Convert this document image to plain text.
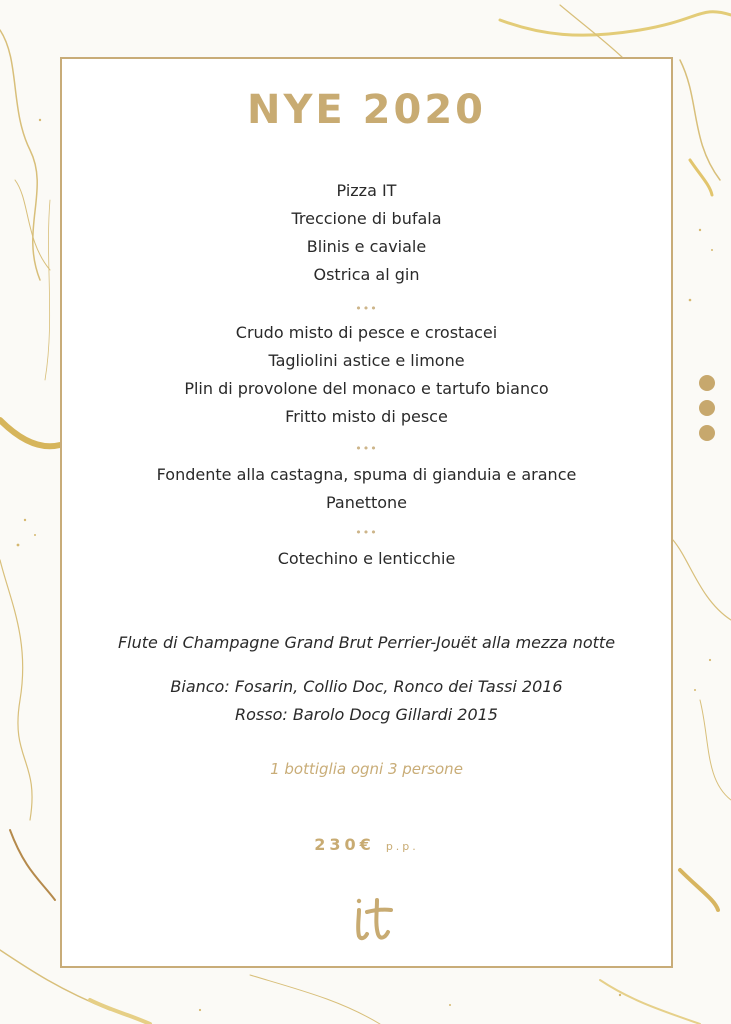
NYE 2020
Pizza IT
Treccione di bufala
Blinis e caviale
Ostrica al gin
•••
Crudo misto di pesce e crostacei
Tagliolini astice e limone
Plin di provolone del monaco e tartufo bianco
Fritto misto di pesce
•••
Fondente alla castagna, spuma di gianduia e arance
Panettone
•••
Cotechino e lenticchie
Flute di Champagne Grand Brut Perrier-Jouët alla mezza notte
Bianco: Fosarin, Collio Doc, Ronco dei Tassi 2016
Rosso: Barolo Docg Gillardi 2015
1 bottiglia ogni 3 persone
230€ p.p.
